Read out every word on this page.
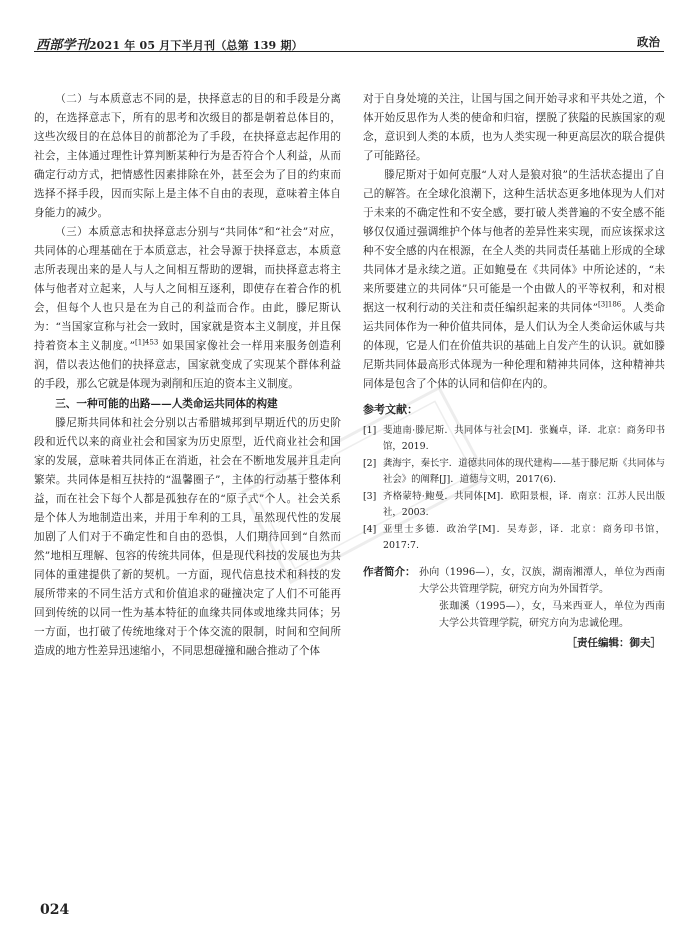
西部学刊2021 年 05 月下半月刊（总第 139 期）	政治

（二）与本质意志不同的是，抉择意志的目的和手段是分离的，在选择意志下，所有的思考和次级目的都是朝着总体目的，这些次级目的在总体目的前都沦为了手段，在抉择意志起作用的社会，主体通过理性计算判断某种行为是否符合个人利益，从而确定行动方式，把情感性因素排除在外，甚至会为了目的约束而选择不择手段，因而实际上是主体不自由的表现，意味着主体自身能力的减少。

（三）本质意志和抉择意志分别与“共同体”和“社会”对应，共同体的心理基础在于本质意志，社会导源于抉择意志，本质意志所表现出来的是人与人之间相互帮助的逻辑，而抉择意志将主体与他者对立起来，人与人之间相互逐利，即使存在着合作的机会，但每个人也只是在为自己的利益而合作。由此，滕尼斯认为：“当国家宣称与社会一致时，国家就是资本主义制度，并且保持着资本主义制度。”$^{[1]453}$ 如果国家像社会一样用来服务创造利润，借以表达他们的抉择意志，国家就变成了实现某个群体利益的手段，那么它就是体现为剥削和压迫的资本主义制度。

三、一种可能的出路——人类命运共同体的构建

滕尼斯共同体和社会分别以古希腊城邦到早期近代的历史阶段和近代以来的商业社会和国家为历史原型，近代商业社会和国家的发展，意味着共同体正在消逝，社会在不断地发展并且走向繁荣。共同体是相互扶持的“温馨圈子”，主体的行动基于整体利益，而在社会下每个人都是孤独存在的“原子式”个人。社会关系是个体人为地制造出来，并用于牟利的工具，虽然现代性的发展加剧了人们对于不确定性和自由的恐惧，人们期待回到“自然而然”地相互理解、包容的传统共同体，但是现代科技的发展也为共同体的重建提供了新的契机。一方面，现代信息技术和科技的发展所带来的不同生活方式和价值追求的碰撞决定了人们不可能再回到传统的以同一性为基本特征的血缘共同体或地缘共同体；另一方面，也打破了传统地缘对于个体交流的限制，时间和空间所造成的地方性差异迅速缩小，不同思想碰撞和融合推动了个体

对于自身处境的关注，让国与国之间开始寻求和平共处之道，个体开始反思作为人类的使命和归宿，摆脱了狭隘的民族国家的观念，意识到人类的本质，也为人类实现一种更高层次的联合提供了可能路径。

滕尼斯对于如何克服“人对人是狼对狼”的生活状态提出了自己的解答。在全球化浪潮下，这种生活状态更多地体现为人们对于未来的不确定性和不安全感，要打破人类普遍的不安全感不能够仅仅通过强调维护个体与他者的差异性来实现，而应该探求这种不安全感的内在根源，在全人类的共同责任基础上形成的全球共同体才是永续之道。正如鲍曼在《共同体》中所论述的，“未来所要建立的共同体”只可能是一个由做人的平等权利，和对根据这一权利行动的关注和责任编织起来的共同体”$^{[3]186}$。人类命运共同体作为一种价值共同体，是人们认为全人类命运休戚与共的体现，它是人们在价值共识的基础上自发产生的认识。就如滕尼斯共同体最高形式体现为一种伦理和精神共同体，这种精神共同体是包含了个体的认同和信仰在内的。

参考文献：
[1] 斐迪南·滕尼斯．共同体与社会[M]．张巍卓，译．北京：商务印书馆，2019.
[2] 龚海宇，秦长宇．道德共同体的现代建构——基于滕尼斯《共同体与社会》的阐释[J]．道德与文明，2017(6).
[3] 齐格蒙特·鲍曼．共同体[M]．欧阳景根，译．南京：江苏人民出版社，2003.
[4] 亚里士多德．政治学[M]．吴寿彭，译．北京：商务印书馆，2017:7.
作者简介： 孙向（1996—），女，汉族，湖南湘潭人，单位为西南大学公共管理学院，研究方向为外国哲学。
张珈溪（1995—），女，马来西亚人，单位为西南大学公共管理学院，研究方向为忠诚伦理。
［责任编辑：御夫］
024
